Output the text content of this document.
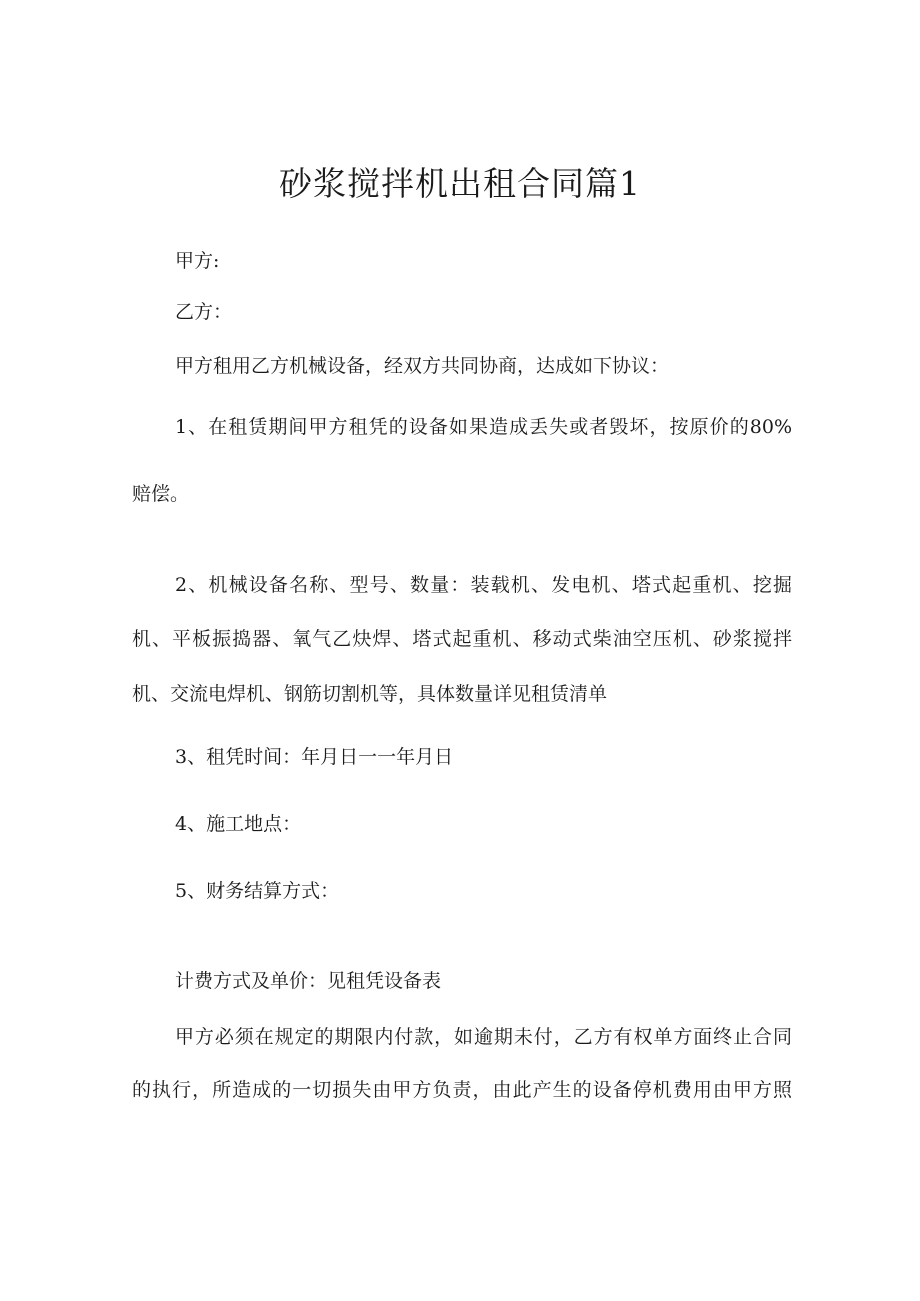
砂浆搅拌机出租合同篇1
甲方:
乙方：
甲方租用乙方机械设备，经双方共同协商，达成如下协议：
1、在租赁期间甲方租凭的设备如果造成丢失或者毁坏，按原价的80%
赔偿。
2、机械设备名称、型号、数量：装载机、发电机、塔式起重机、挖掘
机、平板振捣器、氧气乙炔焊、塔式起重机、移动式柴油空压机、砂浆搅拌
机、交流电焊机、钢筋切割机等，具体数量详见租赁清单
3、租凭时间：年月日一一年月日
4、施工地点：
5、财务结算方式：
计费方式及单价：见租凭设备表
甲方必须在规定的期限内付款，如逾期未付，乙方有权单方面终止合同
的执行，所造成的一切损失由甲方负责，由此产生的设备停机费用由甲方照
